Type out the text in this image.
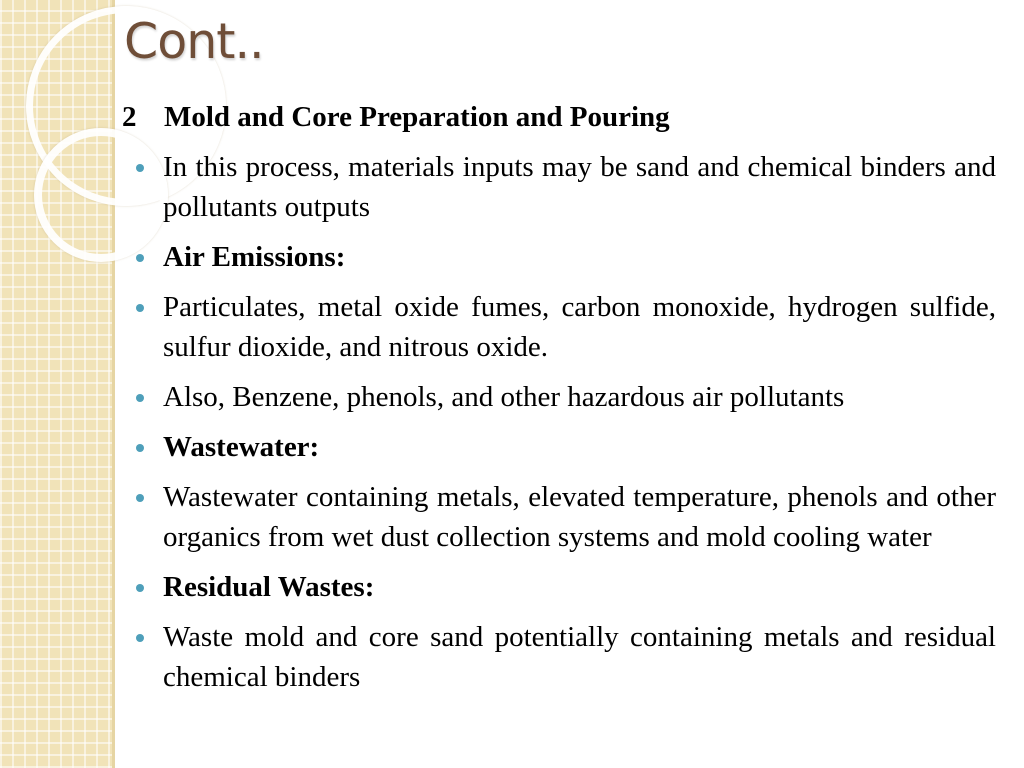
Cont..
2 Mold and Core Preparation and Pouring
In this process, materials inputs may be sand and chemical binders and pollutants outputs
Air Emissions:
Particulates, metal oxide fumes, carbon monoxide, hydrogen sulfide, sulfur dioxide, and nitrous oxide.
Also, Benzene, phenols, and other hazardous air pollutants
Wastewater:
Wastewater containing metals, elevated temperature, phenols and other organics from wet dust collection systems and mold cooling water
Residual Wastes:
Waste mold and core sand potentially containing metals and residual chemical binders
